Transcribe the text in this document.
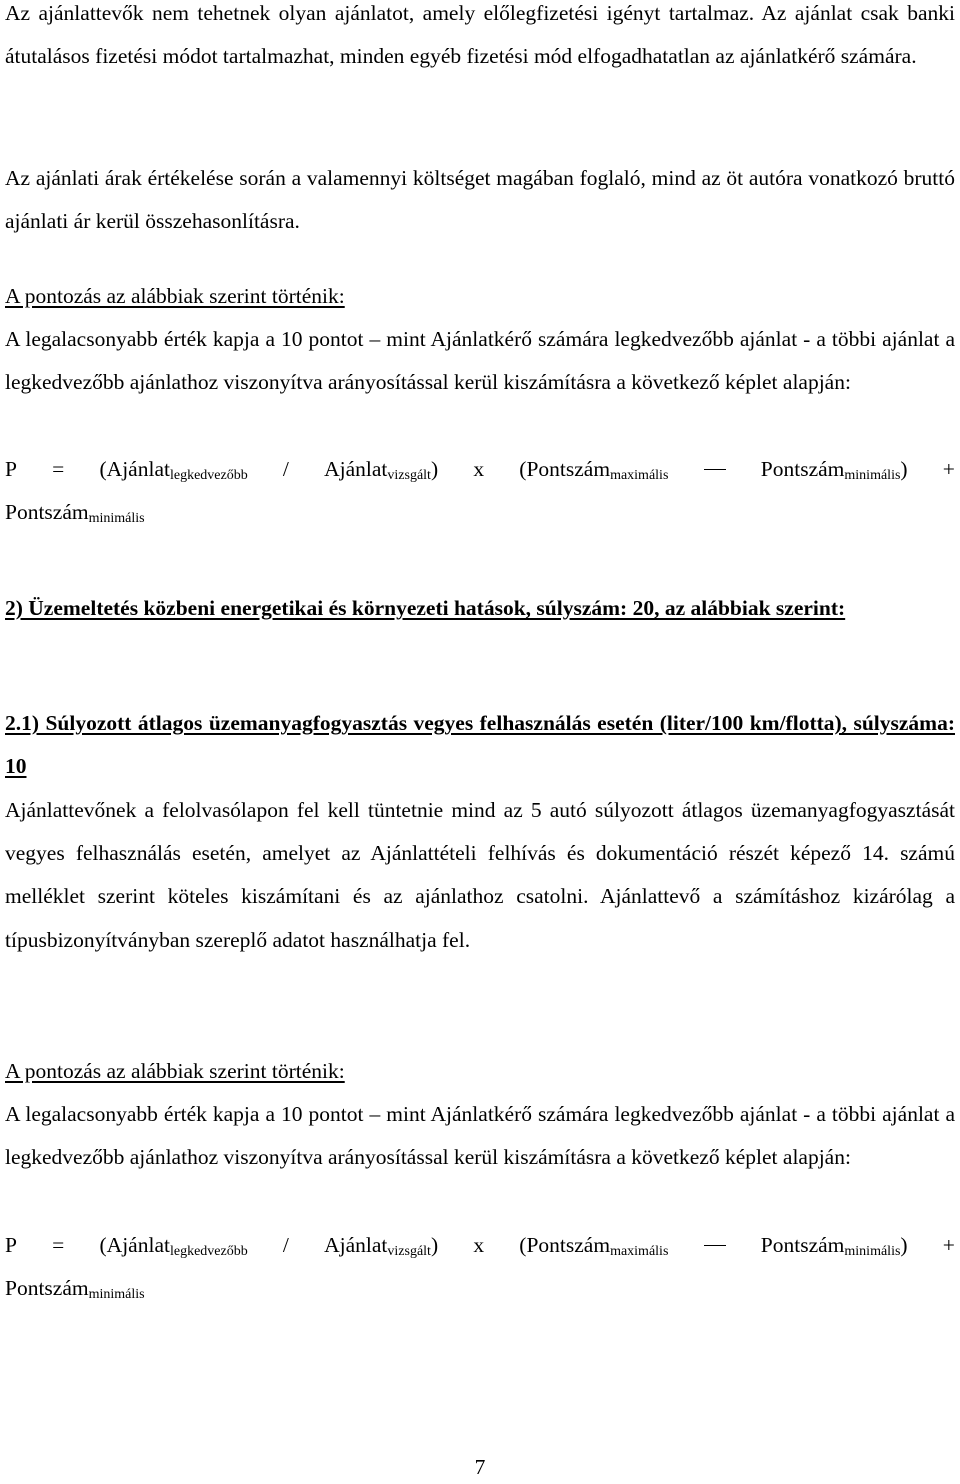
Az ajánlattevők nem tehetnek olyan ajánlatot, amely előlegfizetési igényt tartalmaz. Az ajánlat csak banki átutalásos fizetési módot tartalmazhat, minden egyéb fizetési mód elfogadhatatlan az ajánlatkérő számára.
Az ajánlati árak értékelése során a valamennyi költséget magában foglaló, mind az öt autóra vonatkozó bruttó ajánlati ár kerül összehasonlításra.
A pontozás az alábbiak szerint történik:
A legalacsonyabb érték kapja a 10 pontot – mint Ajánlatkérő számára legkedvezőbb ajánlat - a többi ajánlat a legkedvezőbb ajánlathoz viszonyítva arányosítással kerül kiszámításra a következő képlet alapján:
P = (Ajánlat$_{legkedvezőbb}$ / Ajánlat$_{vizsgált}$) x (Pontszám$_{maximális}$	Pontszám$_{minimális}$) +
Pontszám$_{minimális}$
2) Üzemeltetés közbeni energetikai és környezeti hatások, súlyszám: 20, az alábbiak szerint:
2.1) Súlyozott átlagos üzemanyagfogyasztás vegyes felhasználás esetén (liter/100 km/flotta), súlyszáma: 10
Ajánlattevőnek a felolvasólapon fel kell tüntetnie mind az 5 autó súlyozott átlagos üzemanyagfogyasztását vegyes felhasználás esetén, amelyet az Ajánlattételi felhívás és dokumentáció részét képező 14. számú melléklet szerint köteles kiszámítani és az ajánlathoz csatolni. Ajánlattevő a számításhoz kizárólag a típusbizonyítványban szereplő adatot használhatja fel.
A pontozás az alábbiak szerint történik:
A legalacsonyabb érték kapja a 10 pontot – mint Ajánlatkérő számára legkedvezőbb ajánlat - a többi ajánlat a legkedvezőbb ajánlathoz viszonyítva arányosítással kerül kiszámításra a következő képlet alapján:
P = (Ajánlat$_{legkedvezőbb}$ / Ajánlat$_{vizsgált}$) x (Pontszám$_{maximális}$	Pontszám$_{minimális}$) +
Pontszám$_{minimális}$
7
